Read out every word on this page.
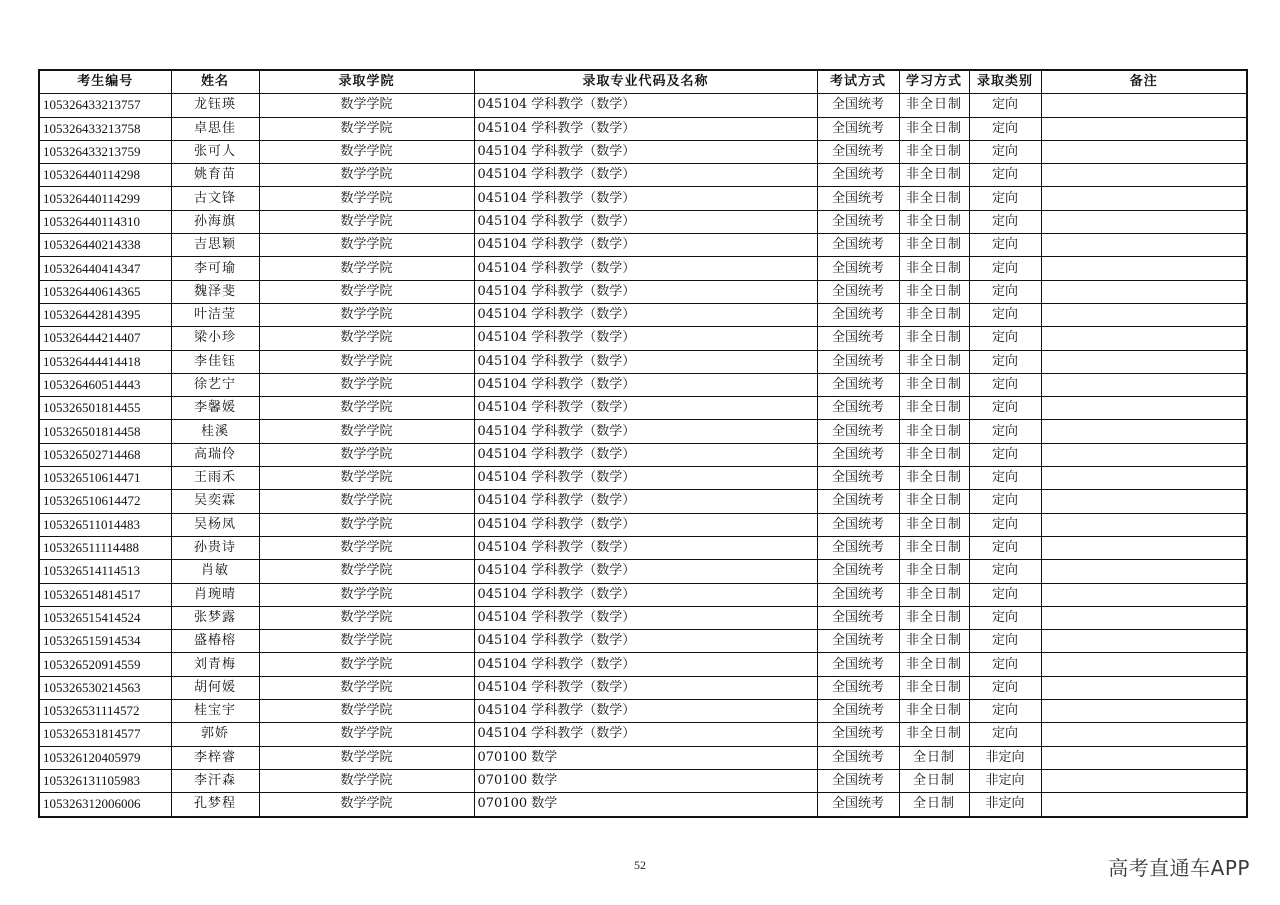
考生编号	姓名	录取学院	录取专业代码及名称	考试方式	学习方式	录取类别	备注
105326433213757	龙钰瑛	数学学院	045104 学科教学（数学）	全国统考	非全日制	定向	
105326433213758	卓思佳	数学学院	045104 学科教学（数学）	全国统考	非全日制	定向	
105326433213759	张可人	数学学院	045104 学科教学（数学）	全国统考	非全日制	定向	
105326440114298	姚育苗	数学学院	045104 学科教学（数学）	全国统考	非全日制	定向	
105326440114299	古文锋	数学学院	045104 学科教学（数学）	全国统考	非全日制	定向	
105326440114310	孙海旗	数学学院	045104 学科教学（数学）	全国统考	非全日制	定向	
105326440214338	吉思颖	数学学院	045104 学科教学（数学）	全国统考	非全日制	定向	
105326440414347	李可瑜	数学学院	045104 学科教学（数学）	全国统考	非全日制	定向	
105326440614365	魏泽斐	数学学院	045104 学科教学（数学）	全国统考	非全日制	定向	
105326442814395	叶洁莹	数学学院	045104 学科教学（数学）	全国统考	非全日制	定向	
105326444214407	梁小珍	数学学院	045104 学科教学（数学）	全国统考	非全日制	定向	
105326444414418	李佳钰	数学学院	045104 学科教学（数学）	全国统考	非全日制	定向	
105326460514443	徐艺宁	数学学院	045104 学科教学（数学）	全国统考	非全日制	定向	
105326501814455	李馨媛	数学学院	045104 学科教学（数学）	全国统考	非全日制	定向	
105326501814458	桂溪	数学学院	045104 学科教学（数学）	全国统考	非全日制	定向	
105326502714468	高瑞伶	数学学院	045104 学科教学（数学）	全国统考	非全日制	定向	
105326510614471	王雨禾	数学学院	045104 学科教学（数学）	全国统考	非全日制	定向	
105326510614472	吴奕霖	数学学院	045104 学科教学（数学）	全国统考	非全日制	定向	
105326511014483	吴杨凤	数学学院	045104 学科教学（数学）	全国统考	非全日制	定向	
105326511114488	孙贵诗	数学学院	045104 学科教学（数学）	全国统考	非全日制	定向	
105326514114513	肖敏	数学学院	045104 学科教学（数学）	全国统考	非全日制	定向	
105326514814517	肖琬晴	数学学院	045104 学科教学（数学）	全国统考	非全日制	定向	
105326515414524	张梦露	数学学院	045104 学科教学（数学）	全国统考	非全日制	定向	
105326515914534	盛椿榕	数学学院	045104 学科教学（数学）	全国统考	非全日制	定向	
105326520914559	刘青梅	数学学院	045104 学科教学（数学）	全国统考	非全日制	定向	
105326530214563	胡何媛	数学学院	045104 学科教学（数学）	全国统考	非全日制	定向	
105326531114572	桂宝宇	数学学院	045104 学科教学（数学）	全国统考	非全日制	定向	
105326531814577	郭娇	数学学院	045104 学科教学（数学）	全国统考	非全日制	定向	
105326120405979	李梓睿	数学学院	070100 数学	全国统考	全日制	非定向	
105326131105983	李汗森	数学学院	070100 数学	全国统考	全日制	非定向	
105326312006006	孔梦程	数学学院	070100 数学	全国统考	全日制	非定向	
52	高考直通车APP
